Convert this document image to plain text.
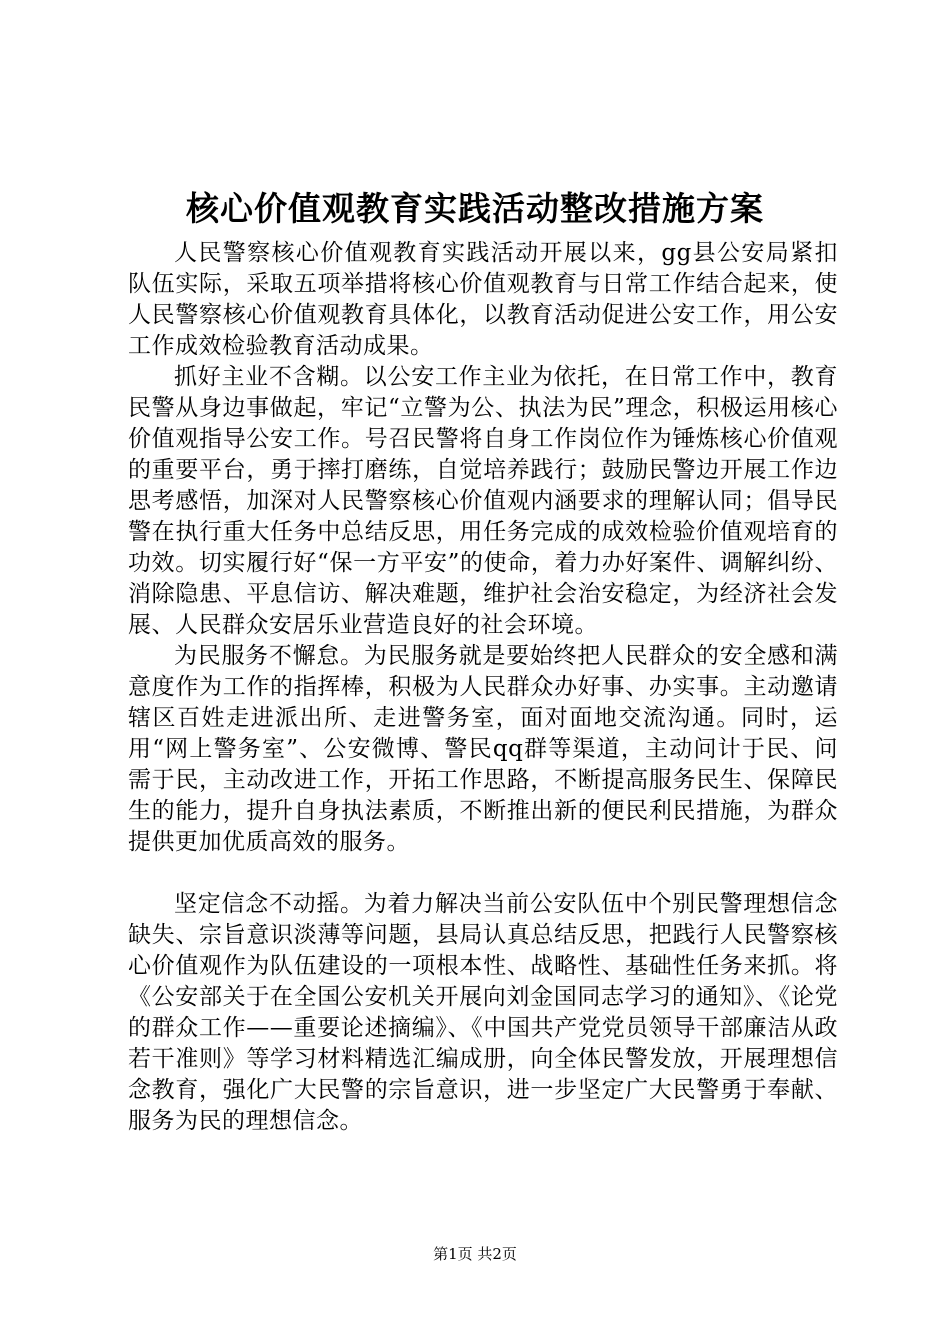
核心价值观教育实践活动整改措施方案

人民警察核心价值观教育实践活动开展以来，gg县公安局紧扣队伍实际，采取五项举措将核心价值观教育与日常工作结合起来，使人民警察核心价值观教育具体化，以教育活动促进公安工作，用公安工作成效检验教育活动成果。

抓好主业不含糊。以公安工作主业为依托，在日常工作中，教育民警从身边事做起，牢记“立警为公、执法为民”理念，积极运用核心价值观指导公安工作。号召民警将自身工作岗位作为锤炼核心价值观的重要平台，勇于摔打磨练，自觉培养践行；鼓励民警边开展工作边思考感悟，加深对人民警察核心价值观内涵要求的理解认同；倡导民警在执行重大任务中总结反思，用任务完成的成效检验价值观培育的功效。切实履行好“保一方平安”的使命，着力办好案件、调解纠纷、消除隐患、平息信访、解决难题，维护社会治安稳定，为经济社会发展、人民群众安居乐业营造良好的社会环境。

为民服务不懈怠。为民服务就是要始终把人民群众的安全感和满意度作为工作的指挥棒，积极为人民群众办好事、办实事。主动邀请辖区百姓走进派出所、走进警务室，面对面地交流沟通。同时，运用“网上警务室”、公安微博、警民qq群等渠道，主动问计于民、问需于民，主动改进工作，开拓工作思路，不断提高服务民生、保障民生的能力，提升自身执法素质，不断推出新的便民利民措施，为群众提供更加优质高效的服务。

坚定信念不动摇。为着力解决当前公安队伍中个别民警理想信念缺失、宗旨意识淡薄等问题，县局认真总结反思，把践行人民警察核心价值观作为队伍建设的一项根本性、战略性、基础性任务来抓。将《公安部关于在全国公安机关开展向刘金国同志学习的通知》、《论党的群众工作——重要论述摘编》、《中国共产党党员领导干部廉洁从政若干准则》等学习材料精选汇编成册，向全体民警发放，开展理想信念教育，强化广大民警的宗旨意识，进一步坚定广大民警勇于奉献、服务为民的理想信念。

第1页 共2页
